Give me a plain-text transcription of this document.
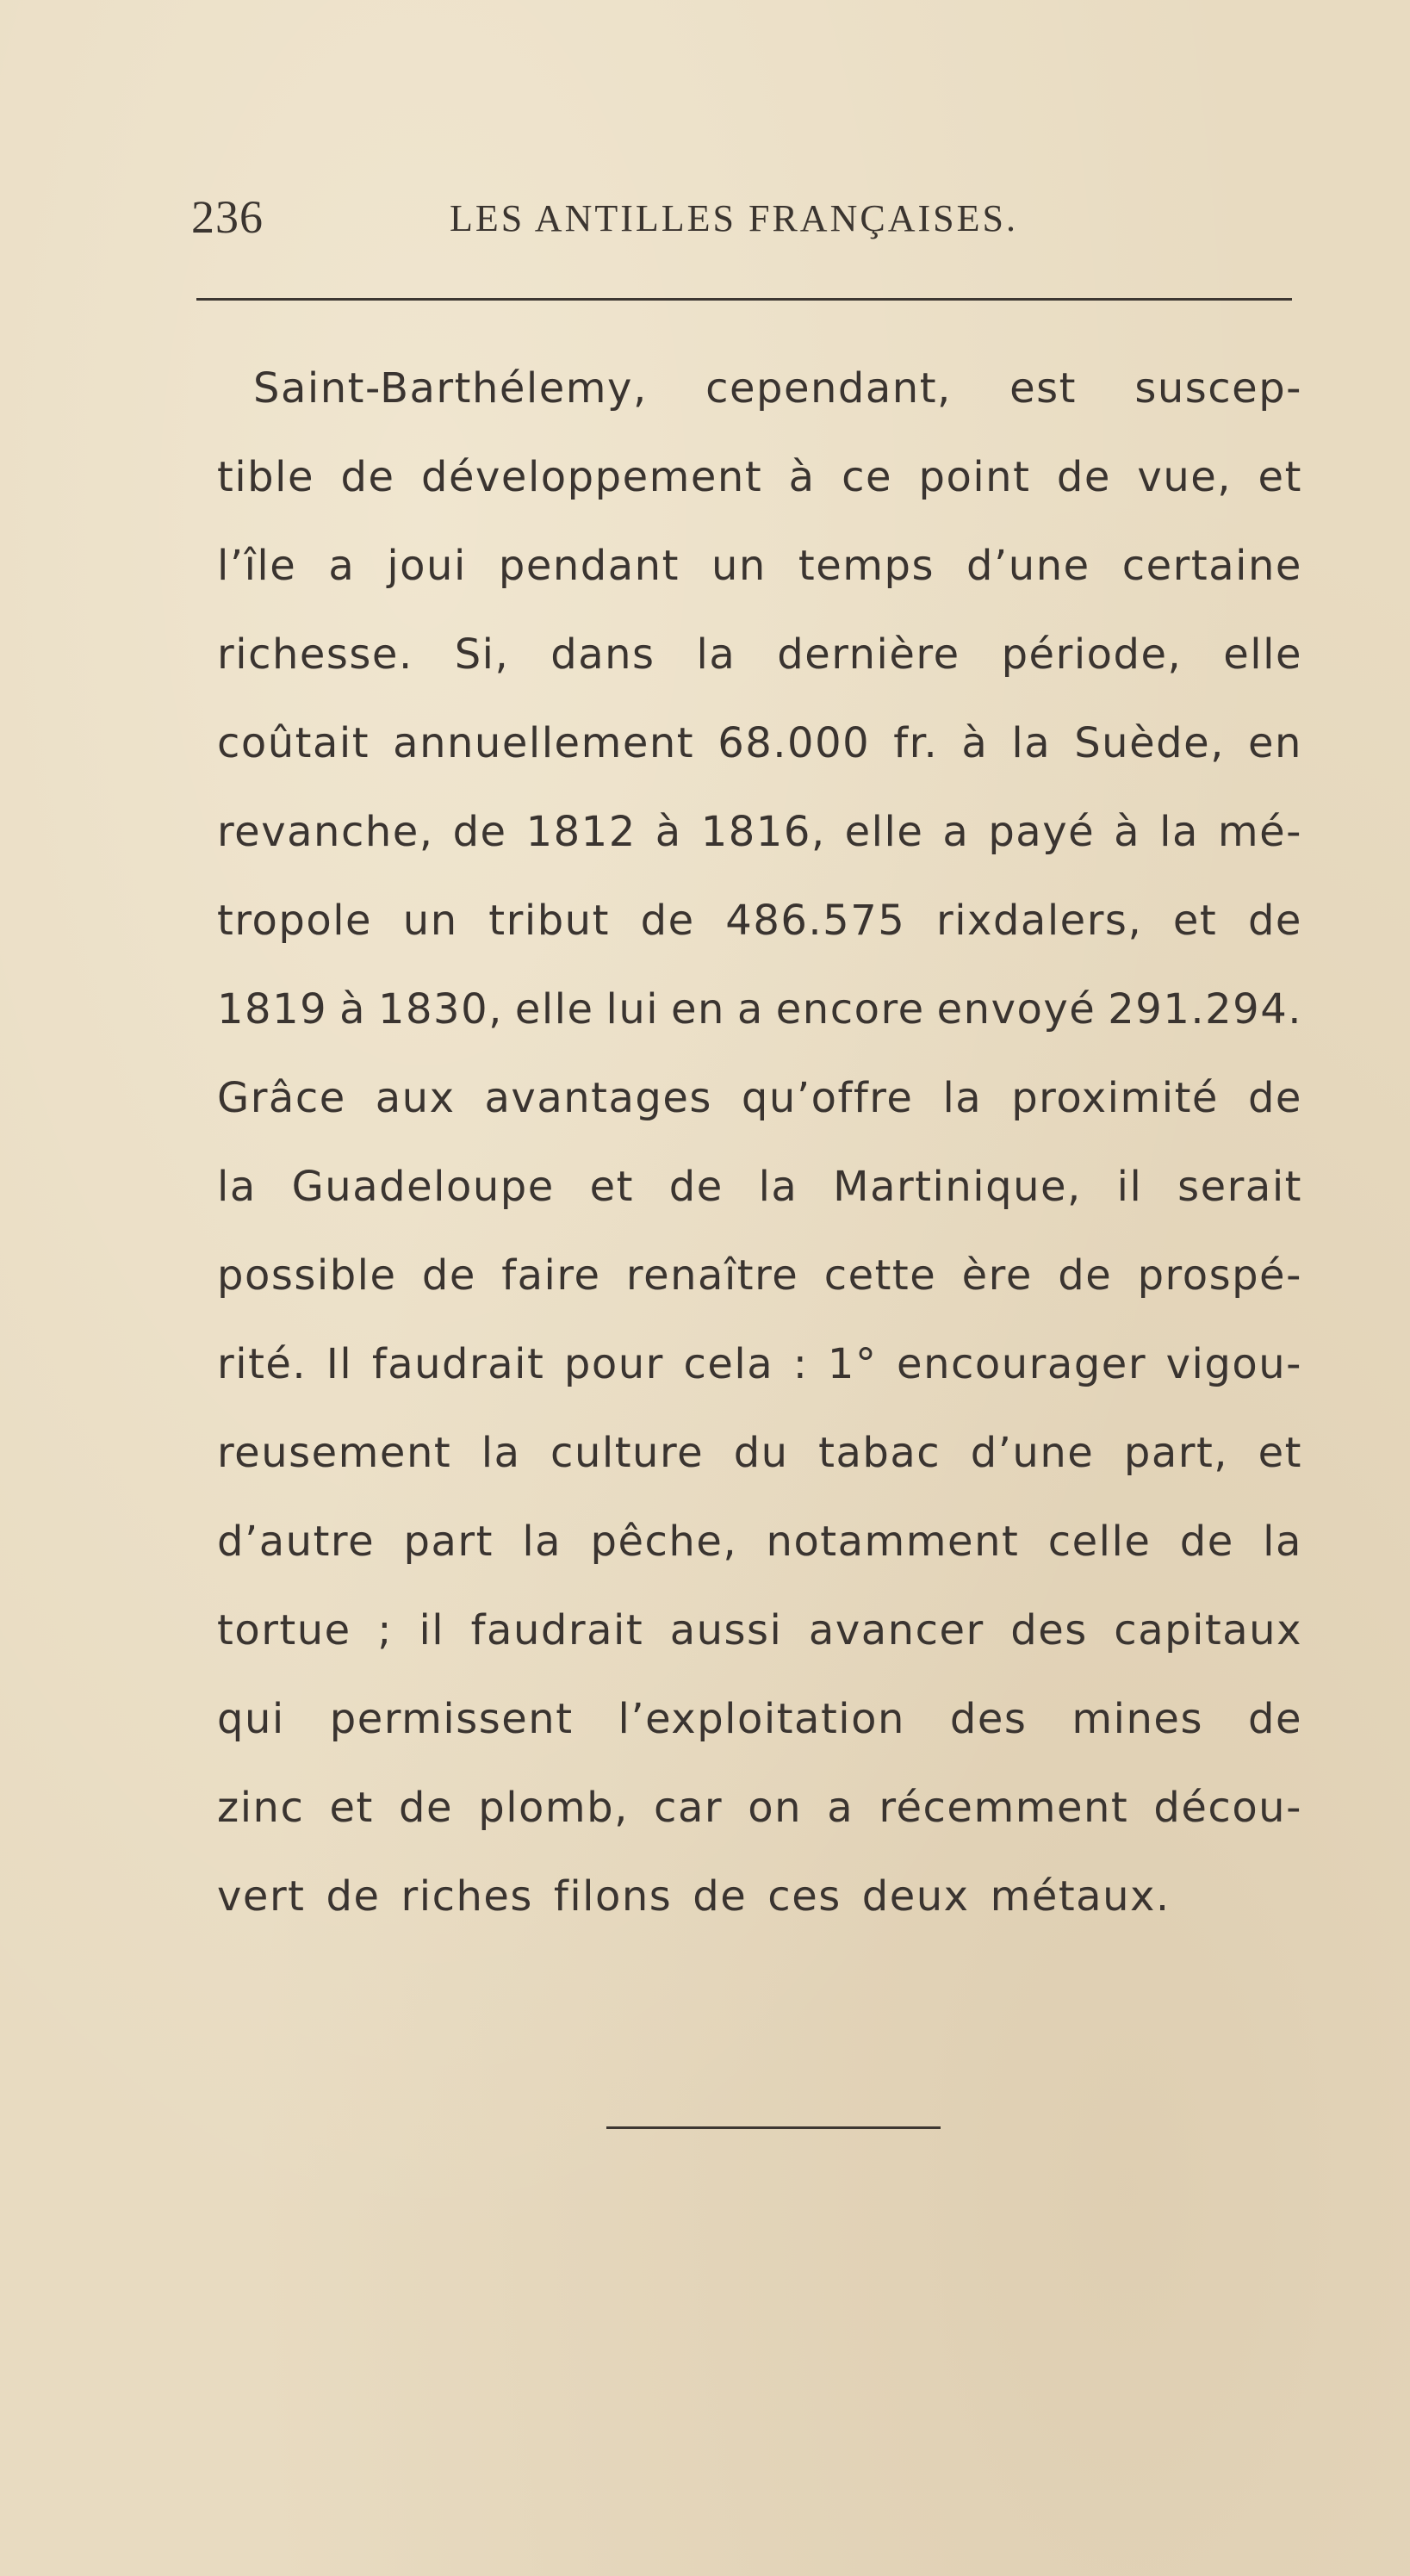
236	LES ANTILLES FRANÇAISES.
Saint-Barthélemy, cependant, est suscep-
tible de développement à ce point de vue, et
l’île a joui pendant un temps d’une certaine
richesse. Si, dans la dernière période, elle
coûtait annuellement 68.000 fr. à la Suède, en
revanche, de 1812 à 1816, elle a payé à la mé-
tropole un tribut de 486.575 rixdalers, et de
1819 à 1830, elle lui en a encore envoyé 291.294.
Grâce aux avantages qu’offre la proximité de
la Guadeloupe et de la Martinique, il serait
possible de faire renaître cette ère de prospé-
rité. Il faudrait pour cela : 1° encourager vigou-
reusement la culture du tabac d’une part, et
d’autre part la pêche, notamment celle de la
tortue ; il faudrait aussi avancer des capitaux
qui permissent l’exploitation des mines de
zinc et de plomb, car on a récemment décou-
vert de riches filons de ces deux métaux.
